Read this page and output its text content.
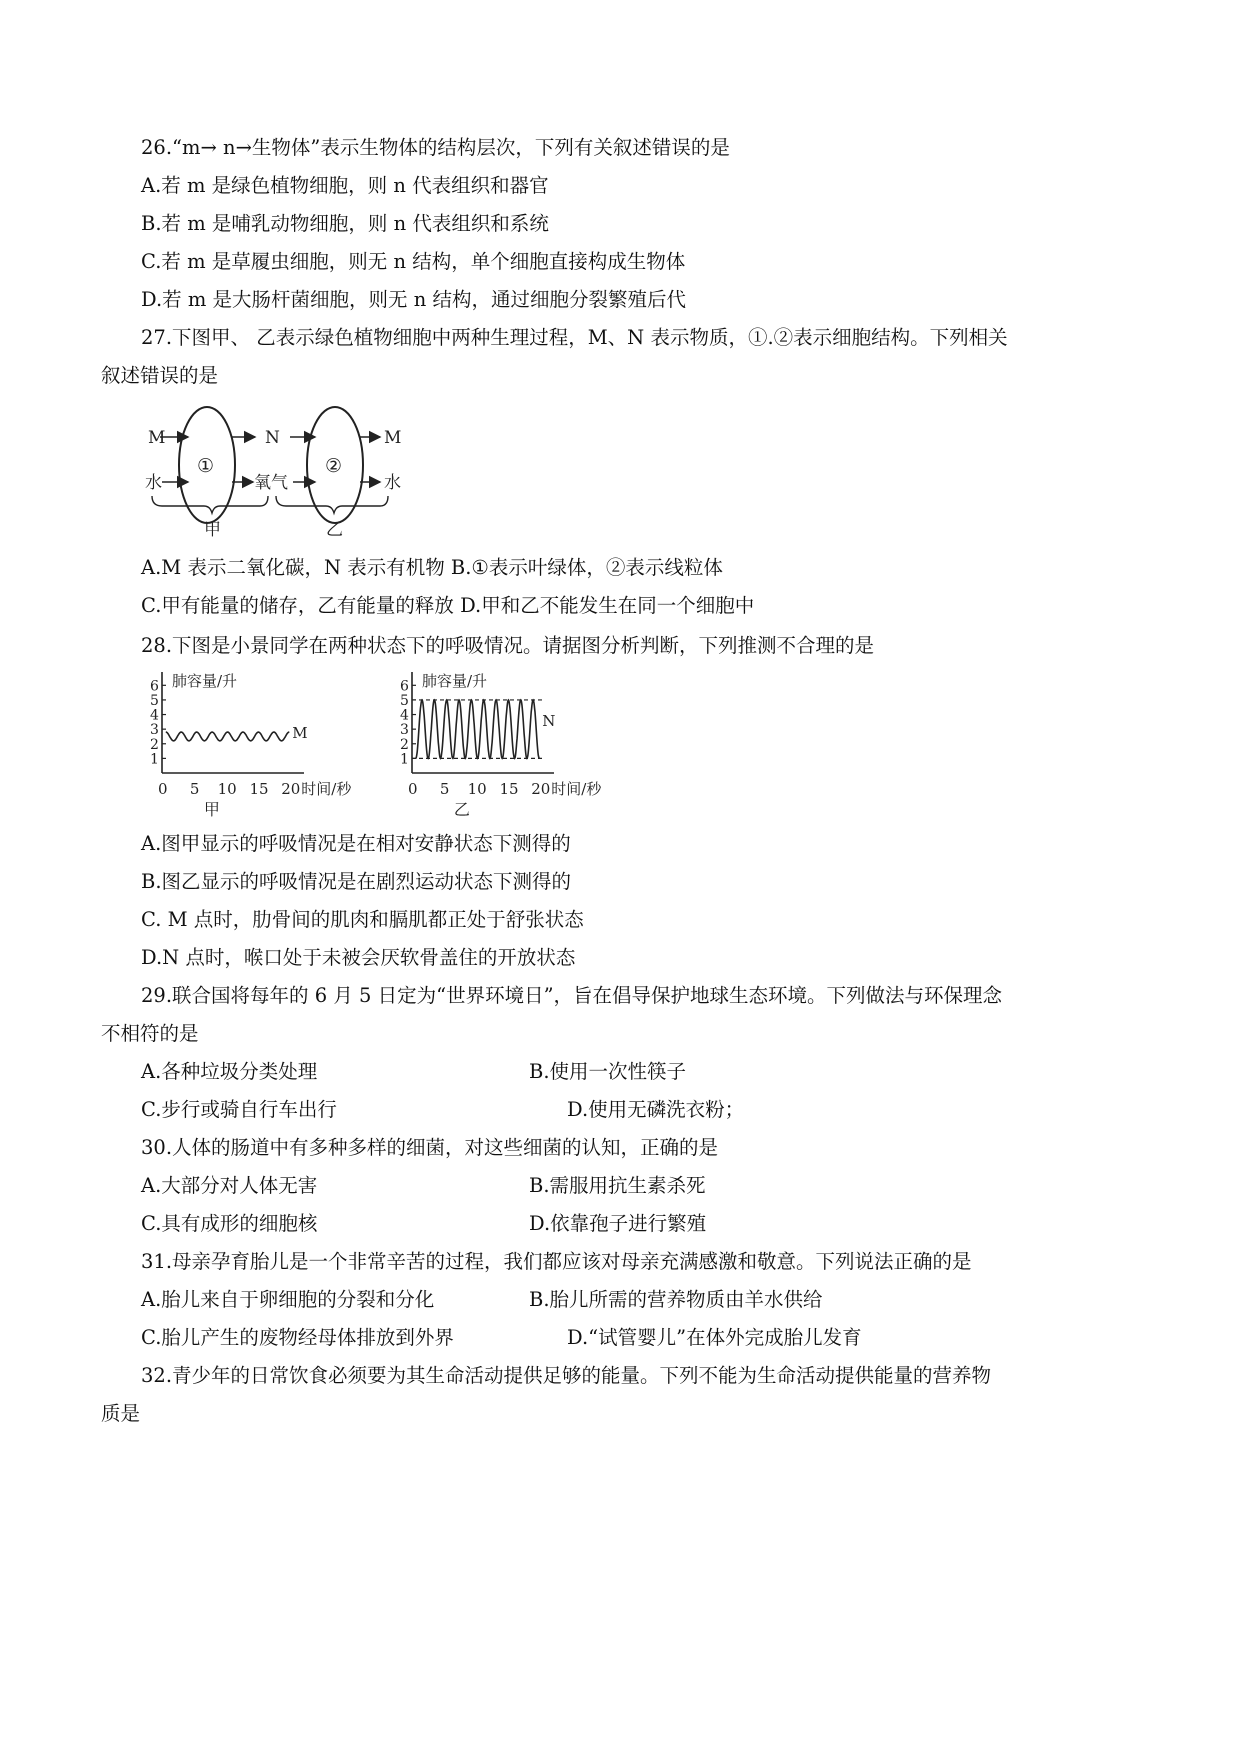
26.“m→ n→生物体”表示生物体的结构层次，下列有关叙述错误的是
A.若 m 是绿色植物细胞，则 n 代表组织和器官
B.若 m 是哺乳动物细胞，则 n 代表组织和系统
C.若 m 是草履虫细胞，则无 n 结构，单个细胞直接构成生物体
D.若 m 是大肠杆菌细胞，则无 n 结构，通过细胞分裂繁殖后代
27.下图甲、 乙表示绿色植物细胞中两种生理过程，M、N 表示物质，①.②表示细胞结构。下列相关
叙述错误的是
M
水
①
N
氧气
②
M
水
甲	乙
A.M 表示二氧化碳，N 表示有机物 B.①表示叶绿体，②表示线粒体
C.甲有能量的储存，乙有能量的释放 D.甲和乙不能发生在同一个细胞中
28.下图是小景同学在两种状态下的呼吸情况。请据图分析判断，下列推测不合理的是
肺容量/升
1
2
3
4
5
6
0 5 10 15 20 时间/秒
甲
M
肺容量/升
1
2
3
4
5
6
0 5 10 15 20 时间/秒
乙
N
A.图甲显示的呼吸情况是在相对安静状态下测得的
B.图乙显示的呼吸情况是在剧烈运动状态下测得的
C. M 点时，肋骨间的肌肉和膈肌都正处于舒张状态
D.N 点时，喉口处于未被会厌软骨盖住的开放状态
29.联合国将每年的 6 月 5 日定为“世界环境日”，旨在倡导保护地球生态环境。下列做法与环保理念
不相符的是
A.各种垃圾分类处理	B.使用一次性筷子
C.步行或骑自行车出行	D.使用无磷洗衣粉；
30.人体的肠道中有多种多样的细菌，对这些细菌的认知，正确的是
A.大部分对人体无害	B.需服用抗生素杀死
C.具有成形的细胞核	D.依靠孢子进行繁殖
31.母亲孕育胎儿是一个非常辛苦的过程，我们都应该对母亲充满感激和敬意。下列说法正确的是
A.胎儿来自于卵细胞的分裂和分化	B.胎儿所需的营养物质由羊水供给
C.胎儿产生的废物经母体排放到外界	D.“试管婴儿”在体外完成胎儿发育
32.青少年的日常饮食必须要为其生命活动提供足够的能量。下列不能为生命活动提供能量的营养物
质是
